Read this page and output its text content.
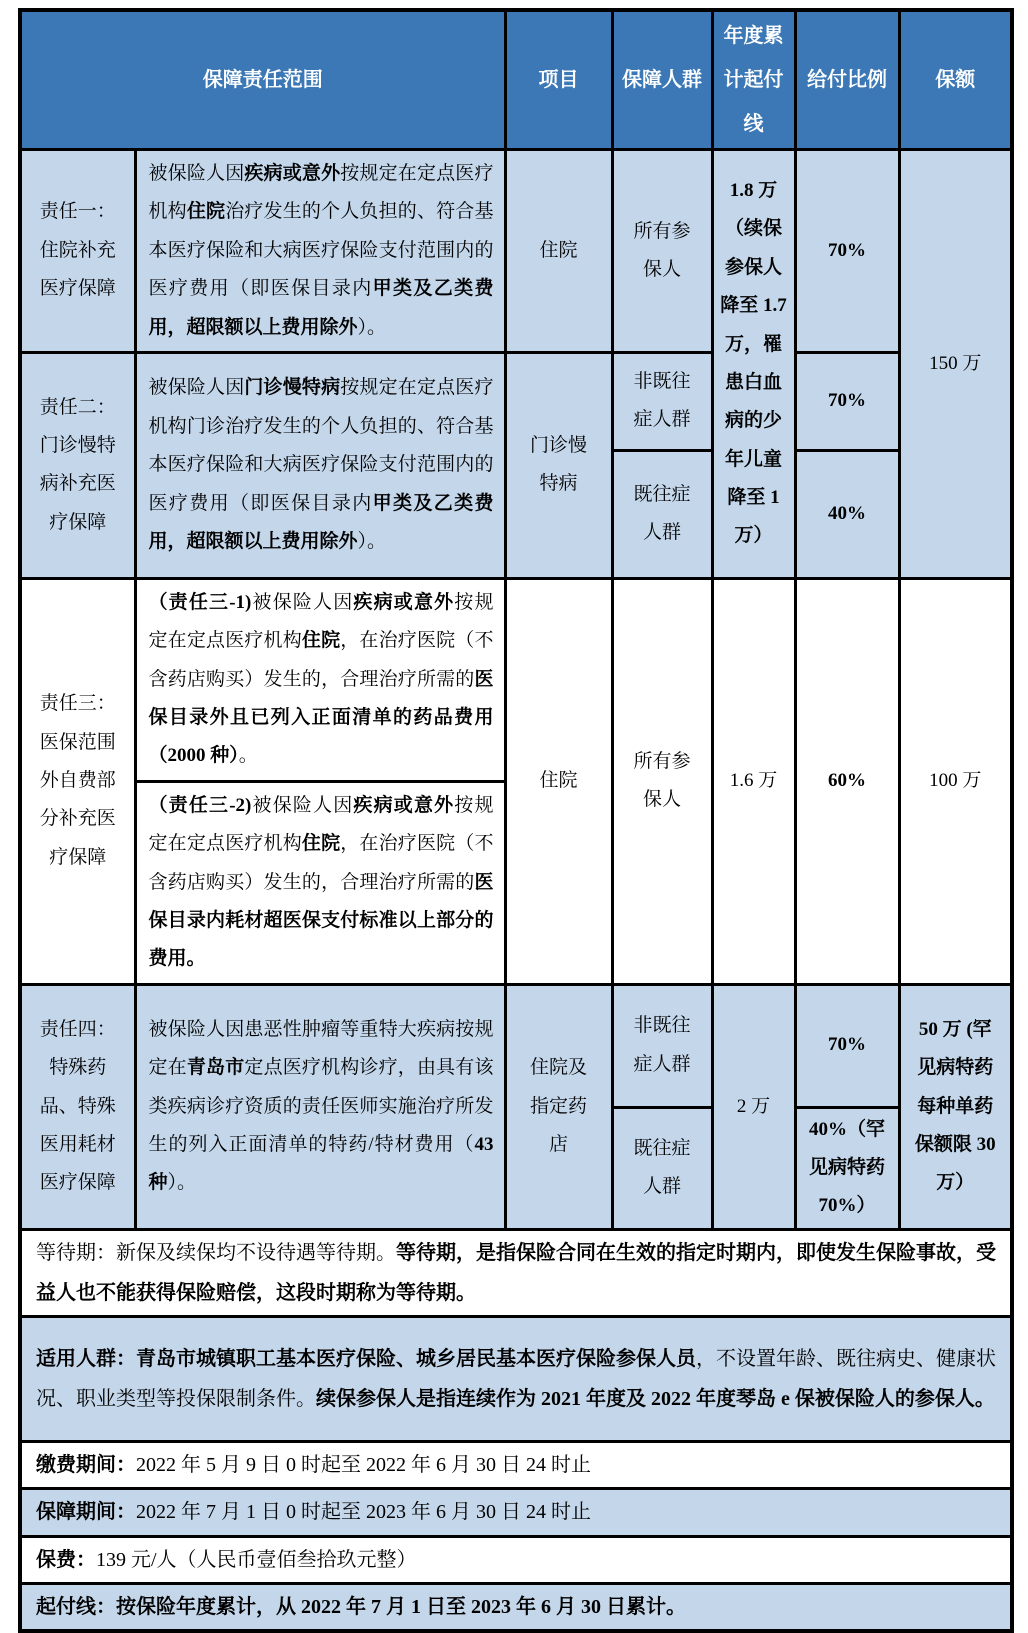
保障责任范围		项目	保障人群	年度累计起付线	给付比例	保额
责任一：住院补充医疗保障	被保险人因疾病或意外按规定在定点医疗机构住院治疗发生的个人负担的、符合基本医疗保险和大病医疗保险支付范围内的医疗费用（即医保目录内甲类及乙类费用，超限额以上费用除外）。	住院	所有参保人	1.8 万（续保参保人降至 1.7 万，罹患白血病的少年儿童降至 1 万）	70%	150 万
责任二：门诊慢特病补充医疗保障	被保险人因门诊慢特病按规定在定点医疗机构门诊治疗发生的个人负担的、符合基本医疗保险和大病医疗保险支付范围内的医疗费用（即医保目录内甲类及乙类费用，超限额以上费用除外）。	门诊慢特病	非既往症人群		70%	
			既往症人群		40%	
责任三：医保范围外自费部分补充医疗保障	（责任三-1)被保险人因疾病或意外按规定在定点医疗机构住院，在治疗医院（不含药店购买）发生的，合理治疗所需的医保目录外且已列入正面清单的药品费用（2000 种）。	住院	所有参保人	1.6 万	60%	100 万
	（责任三-2)被保险人因疾病或意外按规定在定点医疗机构住院，在治疗医院（不含药店购买）发生的，合理治疗所需的医保目录内耗材超医保支付标准以上部分的费用。					
责任四： 特殊药 品、特殊医用耗材医疗保障	被保险人因患恶性肿瘤等重特大疾病按规定在青岛市定点医疗机构诊疗，由具有该类疾病诊疗资质的责任医师实施治疗所发生的列入正面清单的特药/特材费用（43 种）。	住院及指定药店	非既往症人群	2 万	70%	50 万 (罕见病特药每种单药保额限 30 万）
			既往症人群		40%（罕见病特药 70%）	
等待期：新保及续保均不设待遇等待期。等待期，是指保险合同在生效的指定时期内，即使发生保险事故，受益人也不能获得保险赔偿，这段时期称为等待期。						
适用人群：青岛市城镇职工基本医疗保险、城乡居民基本医疗保险参保人员，不设置年龄、既往病史、健康状况、职业类型等投保限制条件。续保参保人是指连续作为 2021 年度及 2022 年度琴岛 e 保被保险人的参保人。						
缴费期间：2022 年 5 月 9 日 0 时起至 2022 年 6 月 30 日 24 时止						
保障期间：2022 年 7 月 1 日 0 时起至 2023 年 6 月 30 日 24 时止						
保费：139 元/人（人民币壹佰叁拾玖元整）						
起付线：按保险年度累计，从 2022 年 7 月 1 日至 2023 年 6 月 30 日累计。						
